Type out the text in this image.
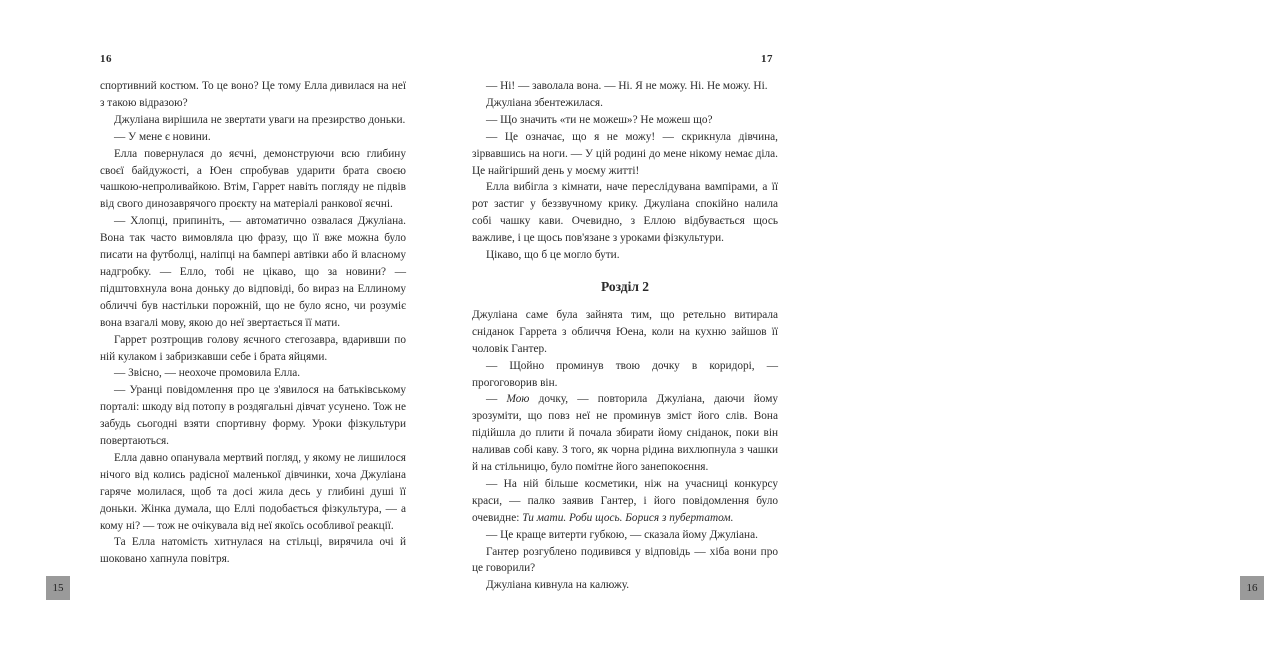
16

спортивний костюм. То це воно? Це тому Елла дивилася на неї з такою відразою?

Джуліана вирішила не звертати уваги на презирство доньки.

— У мене є новини.

Елла повернулася до яєчні, демонструючи всю глибину своєї байдужості, а Юен спробував ударити брата своєю чашкою-непроливайкою. Втім, Гаррет навіть погляду не підвів від свого динозаврячого проєкту на матеріалі ранкової яєчні.

— Хлопці, припиніть, — автоматично озвалася Джуліана. Вона так часто вимовляла цю фразу, що її вже можна було писати на футболці, наліпці на бампері автівки або й власному надгробку. — Елло, тобі не цікаво, що за новини? — підштовхнула вона доньку до відповіді, бо вираз на Еллиному обличчі був настільки порожній, що не було ясно, чи розуміє вона взагалі мову, якою до неї звертається її мати.

Гаррет розтрощив голову яєчного стегозавра, вдаривши по ній кулаком і забризкавши себе і брата яйцями.

— Звісно, — неохоче промовила Елла.

— Уранці повідомлення про це з'явилося на батьківському порталі: шкоду від потопу в роздягальні дівчат усунено. Тож не забудь сьогодні взяти спортивну форму. Уроки фізкультури повертаються.

Елла давно опанувала мертвий погляд, у якому не лишилося нічого від колись радісної маленької дівчинки, хоча Джуліана гаряче молилася, щоб та досі жила десь у глибині душі її доньки. Жінка думала, що Еллі подобається фізкультура, — а кому ні? — тож не очікувала від неї якоїсь особливої реакції.

Та Елла натомість хитнулася на стільці, вирячила очі й шоковано хапнула повітря.

15
17

— Ні! — заволала вона. — Ні. Я не можу. Ні. Не можу. Ні.

Джуліана збентежилася.

— Що значить «ти не можеш»? Не можеш що?

— Це означає, що я не можу! — скрикнула дівчина, зірвавшись на ноги. — У цій родині до мене нікому немає діла. Це найгірший день у моєму житті!

Елла вибігла з кімнати, наче переслідувана вампірами, а її рот застиг у беззвучному крику. Джуліана спокійно налила собі чашку кави. Очевидно, з Еллою відбувається щось важливе, і це щось пов'язане з уроками фізкультури.

Цікаво, що б це могло бути.

Розділ 2

Джуліана саме була зайнята тим, що ретельно витирала сніданок Гаррета з обличчя Юена, коли на кухню зайшов її чоловік Гантер.

— Щойно проминув твою дочку в коридорі, — прогоговорив він.

— Мою дочку, — повторила Джуліана, даючи йому зрозуміти, що повз неї не проминув зміст його слів. Вона підійшла до плити й почала збирати йому сніданок, поки він наливав собі каву. З того, як чорна рідина вихлюпнула з чашки й на стільницю, було помітне його занепокоєння.

— На ній більше косметики, ніж на учасниці конкурсу краси, — палко заявив Гантер, і його повідомлення було очевидне: Ти мати. Роби щось. Борися з пубертатом.

— Це краще витерти губкою, — сказала йому Джуліана.

Гантер розгублено подивився у відповідь — хіба вони про це говорили?

Джуліана кивнула на калюжу.	16
